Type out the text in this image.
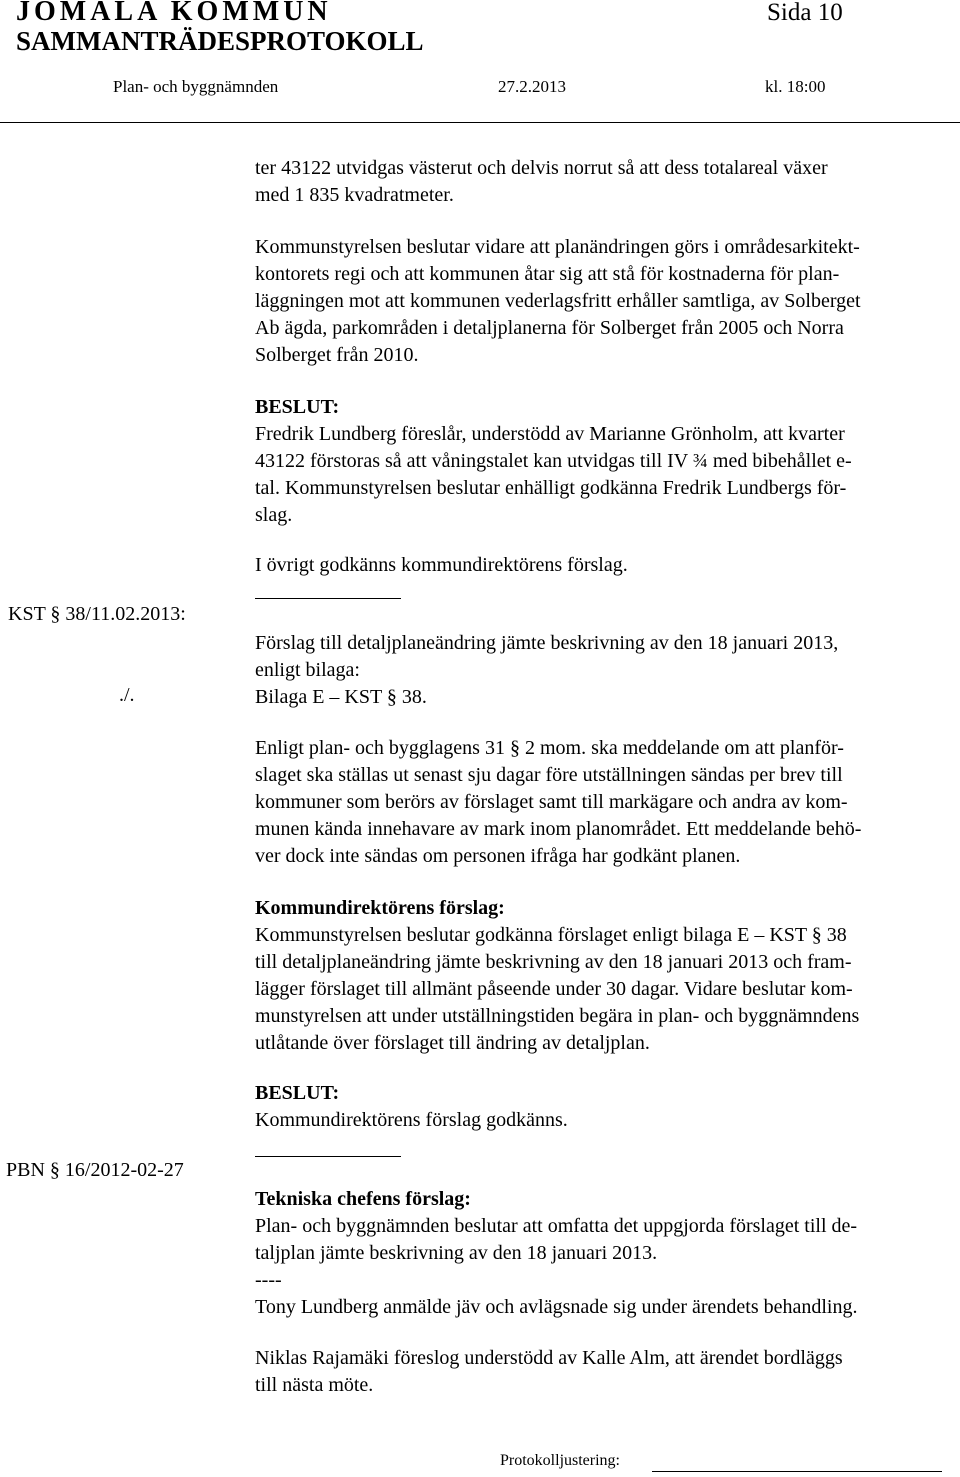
JOMALA KOMMUN	Sida 10
SAMMANTRÄDESPROTOKOLL
Plan- och byggnämnden	27.2.2013	kl. 18:00
KST § 38/11.02.2013:
./.
PBN § 16/2012-02-27

ter 43122 utvidgas västerut och delvis norrut så att dess totalareal växer

med 1 835 kvadratmeter.

Kommunstyrelsen beslutar vidare att planändringen görs i områdesarkitekt-

kontorets regi och att kommunen åtar sig att stå för kostnaderna för plan-

läggningen mot att kommunen vederlagsfritt erhåller samtliga, av Solberget

Ab ägda, parkområden i detaljplanerna för Solberget från 2005 och Norra

Solberget från 2010.

BESLUT:

Fredrik Lundberg föreslår, understödd av Marianne Grönholm, att kvarter

43122 förstoras så att våningstalet kan utvidgas till IV ¾ med bibehållet e-

tal. Kommunstyrelsen beslutar enhälligt godkänna Fredrik Lundbergs för-

slag.

I övrigt godkänns kommundirektörens förslag.

Förslag till detaljplaneändring jämte beskrivning av den 18 januari 2013,

enligt bilaga:

Bilaga E – KST § 38.

Enligt plan- och bygglagens 31 § 2 mom. ska meddelande om att planför-

slaget ska ställas ut senast sju dagar före utställningen sändas per brev till

kommuner som berörs av förslaget samt till markägare och andra av kom-

munen kända innehavare av mark inom planområdet. Ett meddelande behö-

ver dock inte sändas om personen ifråga har godkänt planen.

Kommundirektörens förslag:

Kommunstyrelsen beslutar godkänna förslaget enligt bilaga E – KST § 38

till detaljplaneändring jämte beskrivning av den 18 januari 2013 och fram-

lägger förslaget till allmänt påseende under 30 dagar. Vidare beslutar kom-

munstyrelsen att under utställningstiden begära in plan- och byggnämndens

utlåtande över förslaget till ändring av detaljplan.

BESLUT:

Kommundirektörens förslag godkänns.

Tekniska chefens förslag:

Plan- och byggnämnden beslutar att omfatta det uppgjorda förslaget till de-

taljplan jämte beskrivning av den 18 januari 2013.

----

Tony Lundberg anmälde jäv och avlägsnade sig under ärendets behandling.

Niklas Rajamäki föreslog understödd av Kalle Alm, att ärendet bordläggs

till nästa möte.

Protokolljustering:
